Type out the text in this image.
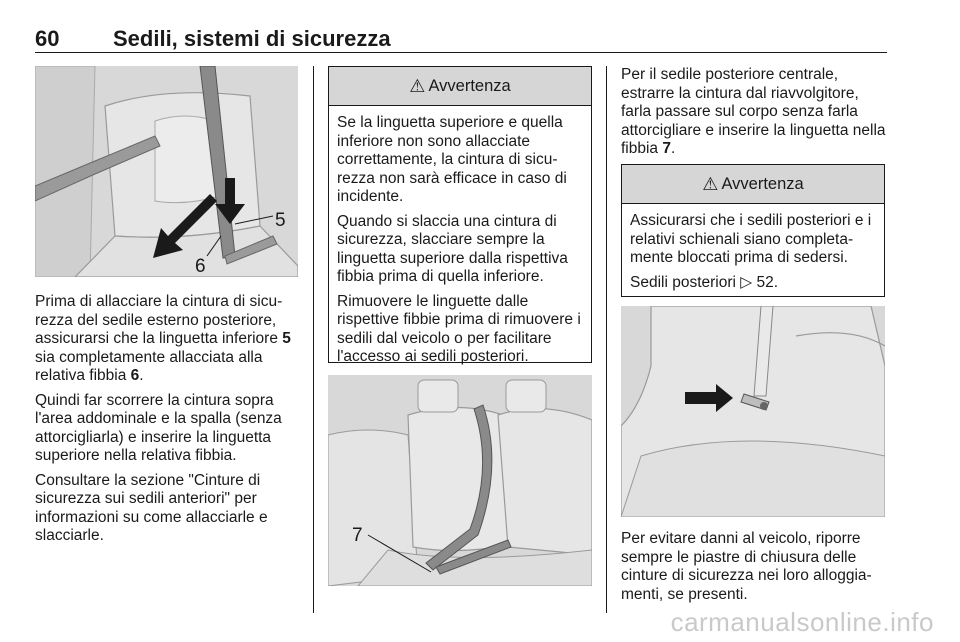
60 Sedili, sistemi di sicurezza
5
6

Prima di allacciare la cintura di sicu-rezza del sedile esterno posteriore, assicurarsi che la linguetta inferiore 5 sia completamente allacciata alla relativa fibbia 6.

Quindi far scorrere la cintura sopra l'area addominale e la spalla (senza attorcigliarla) e inserire la linguetta superiore nella relativa fibbia.

Consultare la sezione "Cinture di sicurezza sui sedili anteriori" per informazioni su come allacciarle e slacciarle.

⚠ Avvertenza

Se la linguetta superiore e quella inferiore non sono allacciate correttamente, la cintura di sicu-rezza non sarà efficace in caso di incidente.

Quando si slaccia una cintura di sicurezza, slacciare sempre la linguetta superiore dalla rispettiva fibbia prima di quella inferiore.

Rimuovere le linguette dalle rispettive fibbie prima di rimuovere i sedili dal veicolo o per facilitare l'accesso ai sedili posteriori.

7

Per il sedile posteriore centrale, estrarre la cintura dal riavvolgitore, farla passare sul corpo senza farla attorcigliare e inserire la linguetta nella fibbia 7.

⚠ Avvertenza

Assicurarsi che i sedili posteriori e i relativi schienali siano completa-mente bloccati prima di sedersi.

Sedili posteriori ▷ 52.

Per evitare danni al veicolo, riporre sempre le piastre di chiusura delle cinture di sicurezza nei loro alloggia-menti, se presenti.

carmanualsonline.info
